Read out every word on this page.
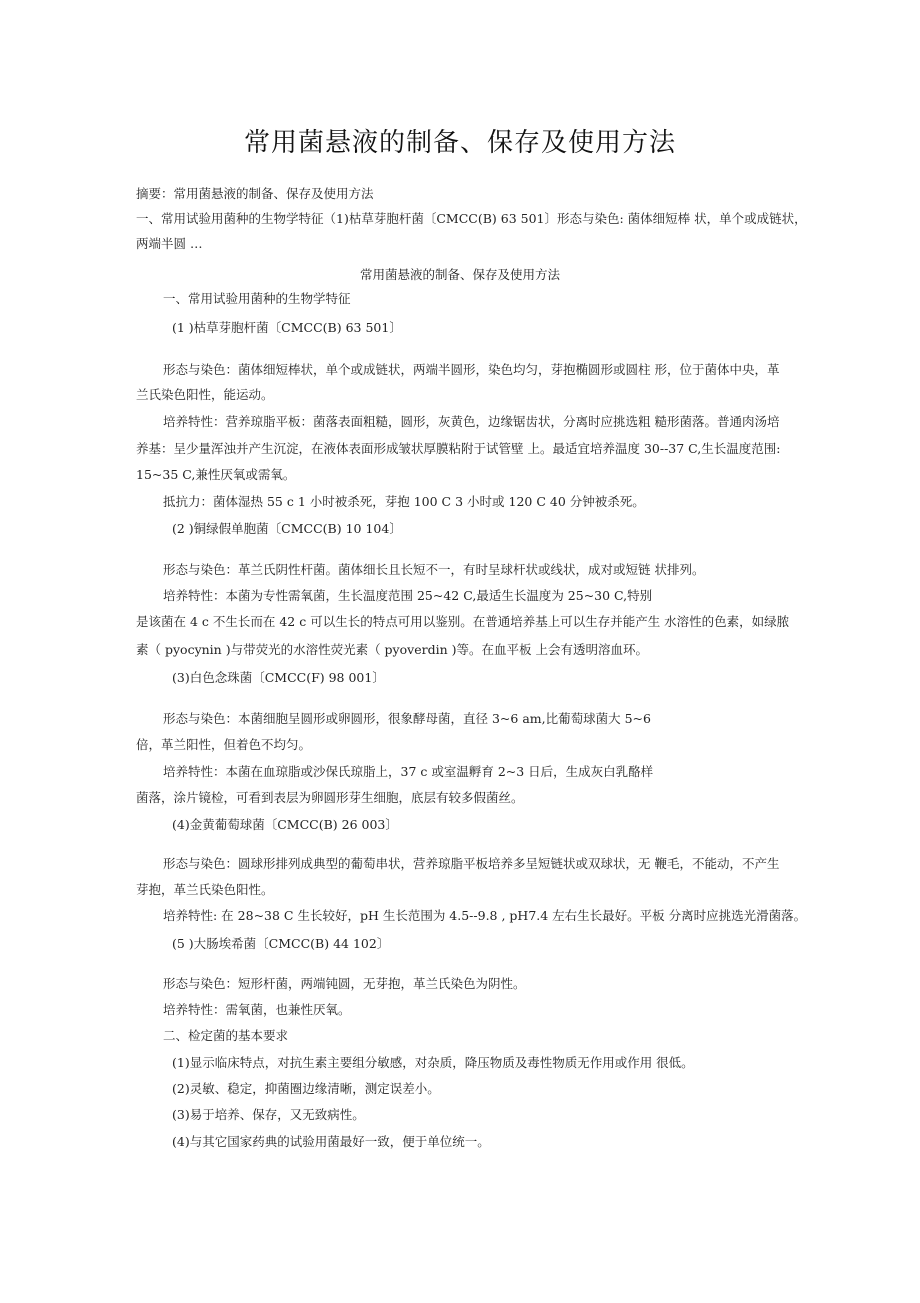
常用菌悬液的制备、保存及使用方法
摘要：常用菌悬液的制备、保存及使用方法
一、常用试验用菌种的生物学特征（1)枯草芽胞杆菌〔CMCC(B) 63 501〕形态与染色: 菌体细短棒 状，单个或成链状，
两端半圆 …
常用菌悬液的制备、保存及使用方法
一、常用试验用菌种的生物学特征
(1 )枯草芽胞杆菌〔CMCC(B) 63 501〕
形态与染色：菌体细短棒状，单个或成链状，两端半圆形，染色均匀，芽抱椭圆形或圆柱 形，位于菌体中央，革
兰氏染色阳性，能运动。
培养特性：营养琼脂平板：菌落表面粗糙，圆形，灰黄色，边缘锯齿状，分离时应挑选粗 糙形菌落。普通肉汤培
养基：呈少量浑浊并产生沉淀，在液体表面形成皱状厚膜粘附于试管壁 上。最适宜培养温度 30--37 C,生长温度范围:
15~35 C,兼性厌氧或需氧。
抵抗力：菌体湿热 55 c 1 小时被杀死，芽抱 100 C 3 小时或 120 C 40 分钟被杀死。
(2 )铜绿假单胞菌〔CMCC(B) 10 104〕
形态与染色：革兰氏阴性杆菌。菌体细长且长短不一，有时呈球杆状或线状，成对或短链 状排列。
培养特性：本菌为专性需氧菌，生长温度范围 25~42 C,最适生长温度为 25~30 C,特别
是该菌在 4 c 不生长而在 42 c 可以生长的特点可用以鉴别。在普通培养基上可以生存并能产生 水溶性的色素，如绿脓
素（ pyocynin )与带荧光的水溶性荧光素（ pyoverdin )等。在血平板 上会有透明溶血环。
(3)白色念珠菌〔CMCC(F) 98 001〕
形态与染色：本菌细胞呈圆形或卵圆形，很象酵母菌，直径 3~6 am,比葡萄球菌大 5~6
倍，革兰阳性，但着色不均匀。
培养特性：本菌在血琼脂或沙保氏琼脂上，37 c 或室温孵育 2~3 日后，生成灰白乳酪样
菌落，涂片镜检，可看到表层为卵圆形芽生细胞，底层有较多假菌丝。
(4)金黄葡萄球菌〔CMCC(B) 26 003〕
形态与染色：圆球形排列成典型的葡萄串状，营养琼脂平板培养多呈短链状或双球状，无 鞭毛，不能动，不产生
芽抱，革兰氏染色阳性。
培养特性: 在 28~38 C 生长较好，pH 生长范围为 4.5--9.8 , pH7.4 左右生长最好。平板 分离时应挑选光滑菌落。
(5 )大肠埃希菌〔CMCC(B) 44 102〕
形态与染色：短形杆菌，两端钝圆，无芽抱，革兰氏染色为阴性。
培养特性：需氧菌，也兼性厌氧。
二、检定菌的基本要求
(1)显示临床特点，对抗生素主要组分敏感，对杂质，降压物质及毒性物质无作用或作用 很低。
(2)灵敏、稳定，抑菌圈边缘清晰，测定误差小。
(3)易于培养、保存，又无致病性。
(4)与其它国家药典的试验用菌最好一致，便于单位统一。
